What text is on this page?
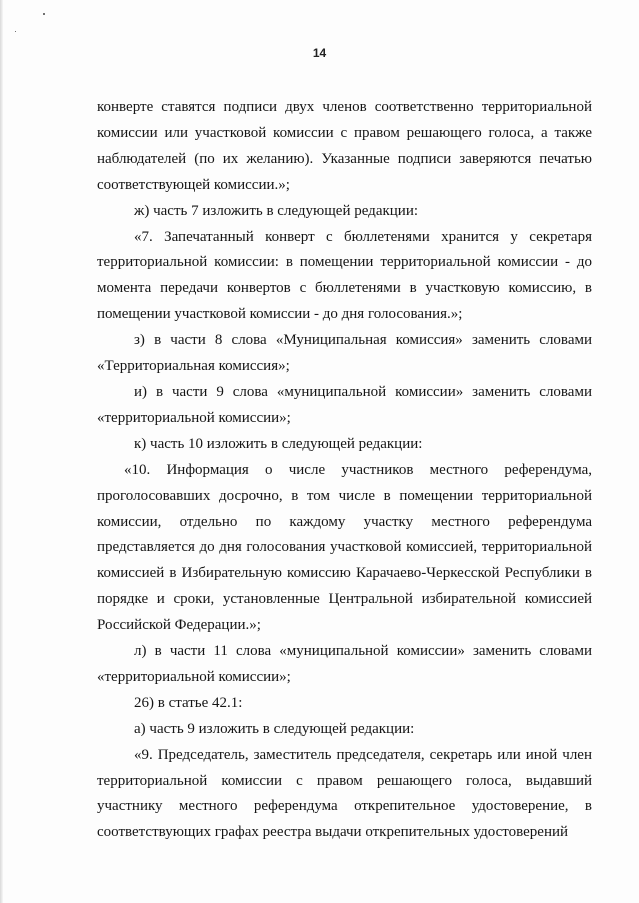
14

конверте ставятся подписи двух членов соответственно территориальной комиссии или участковой комиссии с правом решающего голоса, а также наблюдателей (по их желанию). Указанные подписи заверяются печатью соответствующей комиссии.»;

ж) часть 7 изложить в следующей редакции:

«7. Запечатанный конверт с бюллетенями хранится у секретаря территориальной комиссии: в помещении территориальной комиссии - до момента передачи конвертов с бюллетенями в участковую комиссию, в помещении участковой комиссии - до дня голосования.»;

з) в части 8 слова «Муниципальная комиссия» заменить словами «Территориальная комиссия»;

и) в части 9 слова «муниципальной комиссии» заменить словами «территориальной комиссии»;

к) часть 10 изложить в следующей редакции:

«10. Информация о числе участников местного референдума, проголосовавших досрочно, в том числе в помещении территориальной комиссии, отдельно по каждому участку местного референдума представляется до дня голосования участковой комиссией, территориальной комиссией в Избирательную комиссию Карачаево-Черкесской Республики в порядке и сроки, установленные Центральной избирательной комиссией Российской Федерации.»;

л) в части 11 слова «муниципальной комиссии» заменить словами «территориальной комиссии»;

26) в статье 42.1:

а) часть 9 изложить в следующей редакции:

«9. Председатель, заместитель председателя, секретарь или иной член территориальной комиссии с правом решающего голоса, выдавший участнику местного референдума открепительное удостоверение, в соответствующих графах реестра выдачи открепительных удостоверений
